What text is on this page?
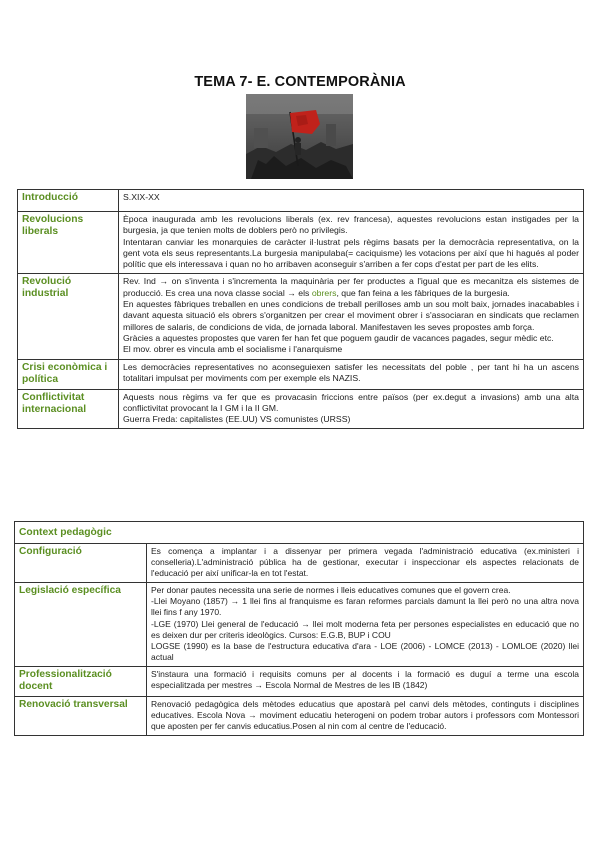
TEMA 7- E. CONTEMPORÀNIA
Introducció	S.XIX-XX

Revolucions liberals	Època inaugurada amb les revolucions liberals (ex. rev francesa), aquestes revolucions estan instigades per la burgesia, ja que tenien molts de doblers però no privilegis.

Intentaran canviar les monarquies de caràcter il·lustrat pels règims basats per la democràcia representativa, on la gent vota els seus representants.La burgesia manipulaba(= caciquisme) les votacions per així que hi hagués al poder polític que els interessava i quan no ho arribaven aconseguir s'arriben a fer cops d'estat per part de les elits.

Revolució industrial	Rev. Ind → on s'inventa i s'incrementa la maquinària per fer productes a l'igual que es mecanitza els sistemes de producció. Es crea una nova classe social → els obrers, que fan feina a les fàbriques de la burgesia.

En aquestes fàbriques treballen en unes condicions de treball perilloses amb un sou molt baix, jornades inacabables i davant aquesta situació els obrers s'organitzen per crear el moviment obrer i s'associaran en sindicats que reclamen millores de salaris, de condicions de vida, de jornada laboral. Manifestaven les seves propostes amb força.

Gràcies a aquestes propostes que varen fer han fet que poguem gaudir de vacances pagades, segur mèdic etc.

El mov. obrer es vincula amb el socialisme i l'anarquisme

Crisi econòmica i política	Les democràcies representatives no aconseguiexen satisfer les necessitats del poble , per tant hi ha un ascens totalitari impulsat per moviments com per exemple els NAZIS.

Conflictivitat internacional	Aquests nous règims va fer que es provacasin friccions entre països (per ex.degut a invasions) amb una alta conflictivitat provocant la I GM i la II GM.

Guerra Freda: capitalistes (EE.UU) VS comunistes (URSS)

Context pedagògic	
Configuració	Es comença a implantar i a dissenyar per primera vegada l'administració educativa (ex.ministeri i conselleria).L'administració pública ha de gestionar, executar i inspeccionar els aspectes relacionats de l'educació per així unificar-la en tot l'estat.

Legislació específica	Per donar pautes necessita una serie de normes i lleis educatives comunes que el govern crea.

-Llei Moyano (1857) → 1 llei fins al franquisme es faran reformes parcials damunt la llei però no una altra nova llei fins f any 1970.

-LGE (1970) Llei general de l'educació → llei molt moderna feta per persones especialistes en educació que no es deixen dur per criteris ideològics. Cursos: E.G.B, BUP i COU

LOGSE (1990) es la base de l'estructura educativa d'ara - LOE (2006) - LOMCE (2013) - LOMLOE (2020) llei actual

Professionalització docent	S'instaura una formació i requisits comuns per al docents i la formació es duguí a terme una escola especialitzada per mestres → Escola Normal de Mestres de les IB (1842)

Renovació transversal	Renovació pedagògica dels mètodes educatius que apostarà pel canvi dels mètodes, continguts i disciplines educatives. Escola Nova → moviment educatiu heterogeni on podem trobar autors i professors com Montessori que aposten per fer canvis educatius.Posen al nin com al centre de l'educació.
